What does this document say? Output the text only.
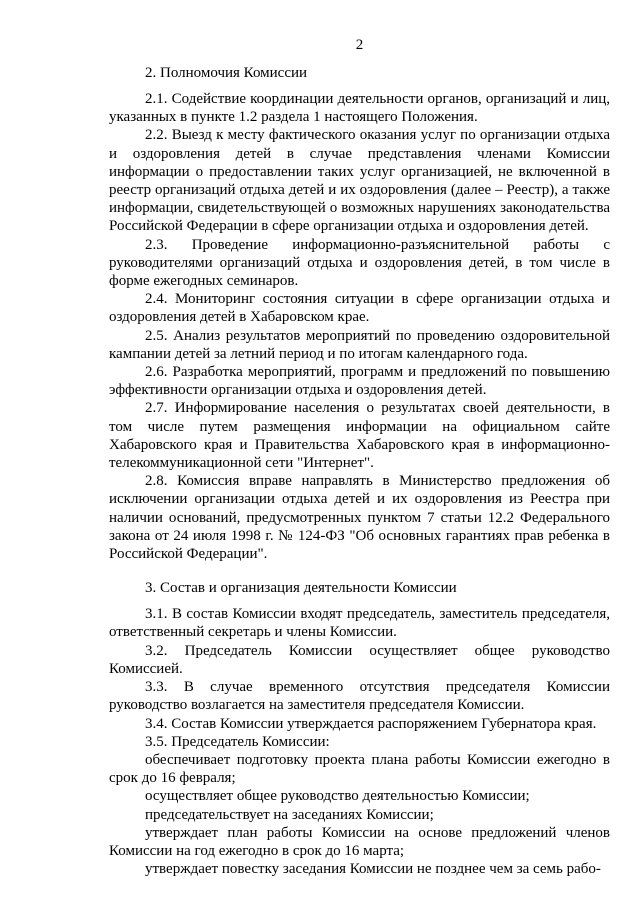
2

2. Полномочия Комиссии

2.1. Содействие координации деятельности органов, организаций и лиц, указанных в пункте 1.2 раздела 1 настоящего Положения.

2.2. Выезд к месту фактического оказания услуг по организации отдыха и оздоровления детей в случае представления членами Комиссии информации о предоставлении таких услуг организацией, не включенной в реестр организаций отдыха детей и их оздоровления (далее – Реестр), а также информации, свидетельствующей о возможных нарушениях законодательства Российской Федерации в сфере организации отдыха и оздоровления детей.

2.3. Проведение информационно-разъяснительной работы с руководителями организаций отдыха и оздоровления детей, в том числе в форме ежегодных семинаров.

2.4. Мониторинг состояния ситуации в сфере организации отдыха и оздоровления детей в Хабаровском крае.

2.5. Анализ результатов мероприятий по проведению оздоровительной кампании детей за летний период и по итогам календарного года.

2.6. Разработка мероприятий, программ и предложений по повышению эффективности организации отдыха и оздоровления детей.

2.7. Информирование населения о результатах своей деятельности, в том числе путем размещения информации на официальном сайте Хабаровского края и Правительства Хабаровского края в информационно-телекоммуникационной сети "Интернет".

2.8. Комиссия вправе направлять в Министерство предложения об исключении организации отдыха детей и их оздоровления из Реестра при наличии оснований, предусмотренных пунктом 7 статьи 12.2 Федерального закона от 24 июля 1998 г. № 124-ФЗ "Об основных гарантиях прав ребенка в Российской Федерации".

3. Состав и организация деятельности Комиссии

3.1. В состав Комиссии входят председатель, заместитель председателя, ответственный секретарь и члены Комиссии.

3.2. Председатель Комиссии осуществляет общее руководство Комиссией.

3.3. В случае временного отсутствия председателя Комиссии руководство возлагается на заместителя председателя Комиссии.

3.4. Состав Комиссии утверждается распоряжением Губернатора края.

3.5. Председатель Комиссии:

обеспечивает подготовку проекта плана работы Комиссии ежегодно в срок до 16 февраля;

осуществляет общее руководство деятельностью Комиссии;

председательствует на заседаниях Комиссии;

утверждает план работы Комиссии на основе предложений членов Комиссии на год ежегодно в срок до 16 марта;

утверждает повестку заседания Комиссии не позднее чем за семь рабо-
